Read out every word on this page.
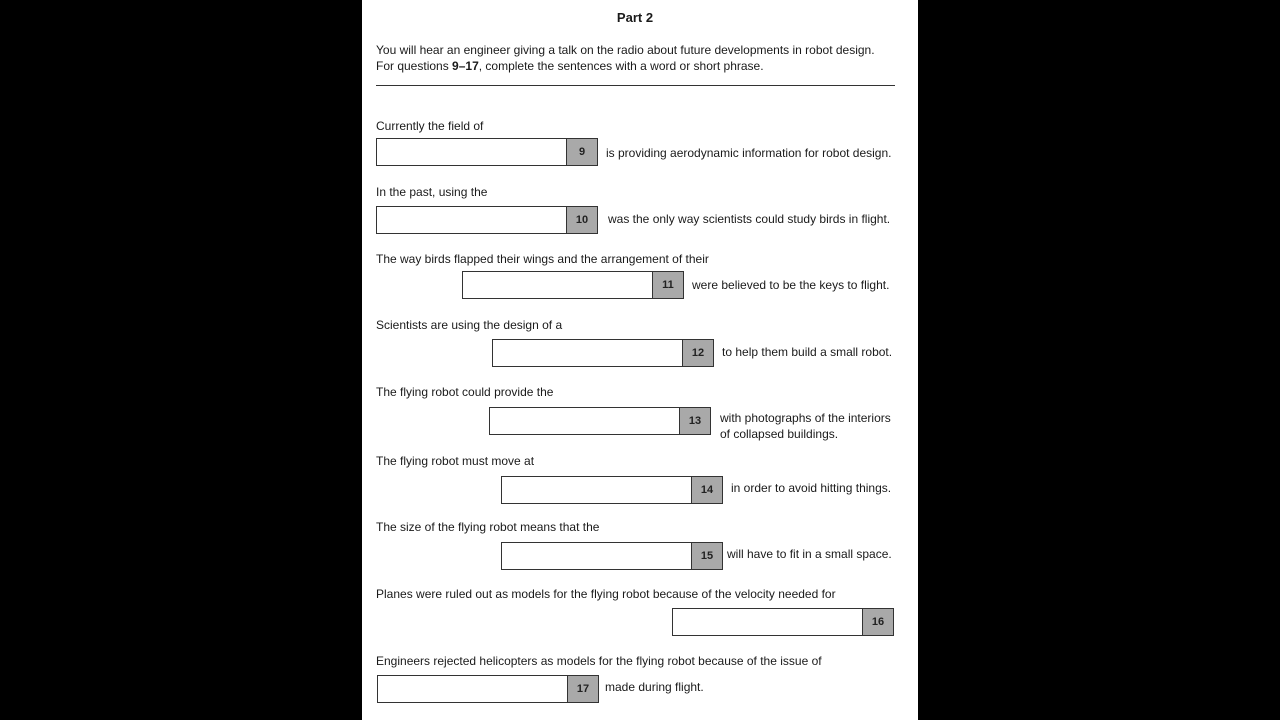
Part 2
You will hear an engineer giving a talk on the radio about future developments in robot design.
For questions 9–17, complete the sentences with a word or short phrase.
Currently the field of
9	is providing aerodynamic information for robot design.
In the past, using the
10	was the only way scientists could study birds in flight.
The way birds flapped their wings and the arrangement of their
11	were believed to be the keys to flight.
Scientists are using the design of a
12	to help them build a small robot.
The flying robot could provide the
13	with photographs of the interiors
of collapsed buildings.
The flying robot must move at
14	in order to avoid hitting things.
The size of the flying robot means that the
15	will have to fit in a small space.
Planes were ruled out as models for the flying robot because of the velocity needed for
16
Engineers rejected helicopters as models for the flying robot because of the issue of
17	made during flight.
